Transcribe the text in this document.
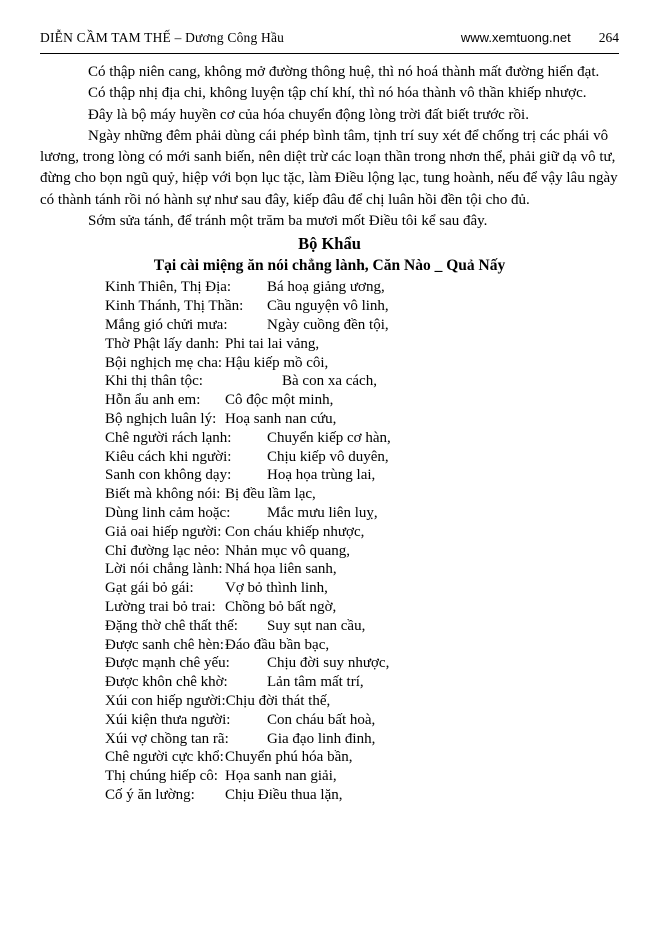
DIỄN CẦM TAM THẾ – Dương Công Hầu	www.xemtuong.net 264

Có thập niên cang, không mở đường thông huệ, thì nó hoá thành mất đường hiển đạt.

Có thập nhị địa chi, không luyện tập chí khí, thì nó hóa thành vô thần khiếp nhược.

Đây là bộ máy huyền cơ của hóa chuyển động lòng trời đất biết trước rồi.

Ngày những đêm phải dùng cái phép bình tâm, tịnh trí suy xét để chống trị các phái vô lương, trong lòng có mới sanh biến, nên diệt trừ các loạn thần trong nhơn thể, phải giữ dạ vô tư, đừng cho bọn ngũ quỷ, hiệp với bọn lục tặc, làm Điều lộng lạc, tung hoành, nếu để vậy lâu ngày có thành tánh rồi nó hành sự như sau đây, kiếp đâu để chị luân hồi đền tội cho đủ.

Sớm sửa tánh, để tránh một trăm ba mươi mốt Điều tôi kể sau đây.

Bộ Khẩu
Tại cài miệng ăn nói chẳng lành, Căn Nào _ Quả Nấy
Kinh Thiên, Thị Địa:	Bá hoạ giảng ương,
Kinh Thánh, Thị Thần:	Cầu nguyện vô linh,
Mắng gió chửi mưa:	Ngày cuồng đền tội,
Thờ Phật lấy danh: Phi tai lai vảng,
Bội nghịch mẹ cha: Hậu kiếp mồ côi,
Khi thị thân tộc:	Bà con xa cách,
Hỗn ẩu anh em:	Cô độc một minh,
Bộ nghịch luân lý: Hoạ sanh nan cứu,
Chê người rách lạnh:	Chuyển kiếp cơ hàn,
Kiêu cách khi người:	Chịu kiếp vô duyên,
Sanh con không dạy:	Hoạ họa trùng lai,
Biết mà không nói: Bị đều lầm lạc,
Dùng linh cảm hoặc:	Mắc mưu liên luỵ,
Giả oai hiếp người: Con cháu khiếp nhược,
Chỉ đường lạc nẻo: Nhản mục vô quang,
Lời nói chẳng lành: Nhá họa liên sanh,
Gạt gái bỏ gái:	Vợ bỏ thình linh,
Lường trai bỏ trai: Chồng bỏ bất ngờ,
Đặng thờ chê thất thế:	Suy sụt nan cầu,
Được sanh chê hèn: Đáo đầu bần bạc,
Được mạnh chê yếu:	Chịu đời suy nhược,
Được khôn chê khờ:	Lản tâm mất trí,
Xúi con hiếp người: Chịu đời thát thế,
Xúi kiện thưa người:	Con cháu bất hoà,
Xúi vợ chồng tan rã:	Gia đạo linh đinh,
Chê người cực khổ: Chuyển phú hóa bần,
Thị chúng hiếp cô: Họa sanh nan giải,
Cố ý ăn lường:	Chịu Điều thua lặn,
